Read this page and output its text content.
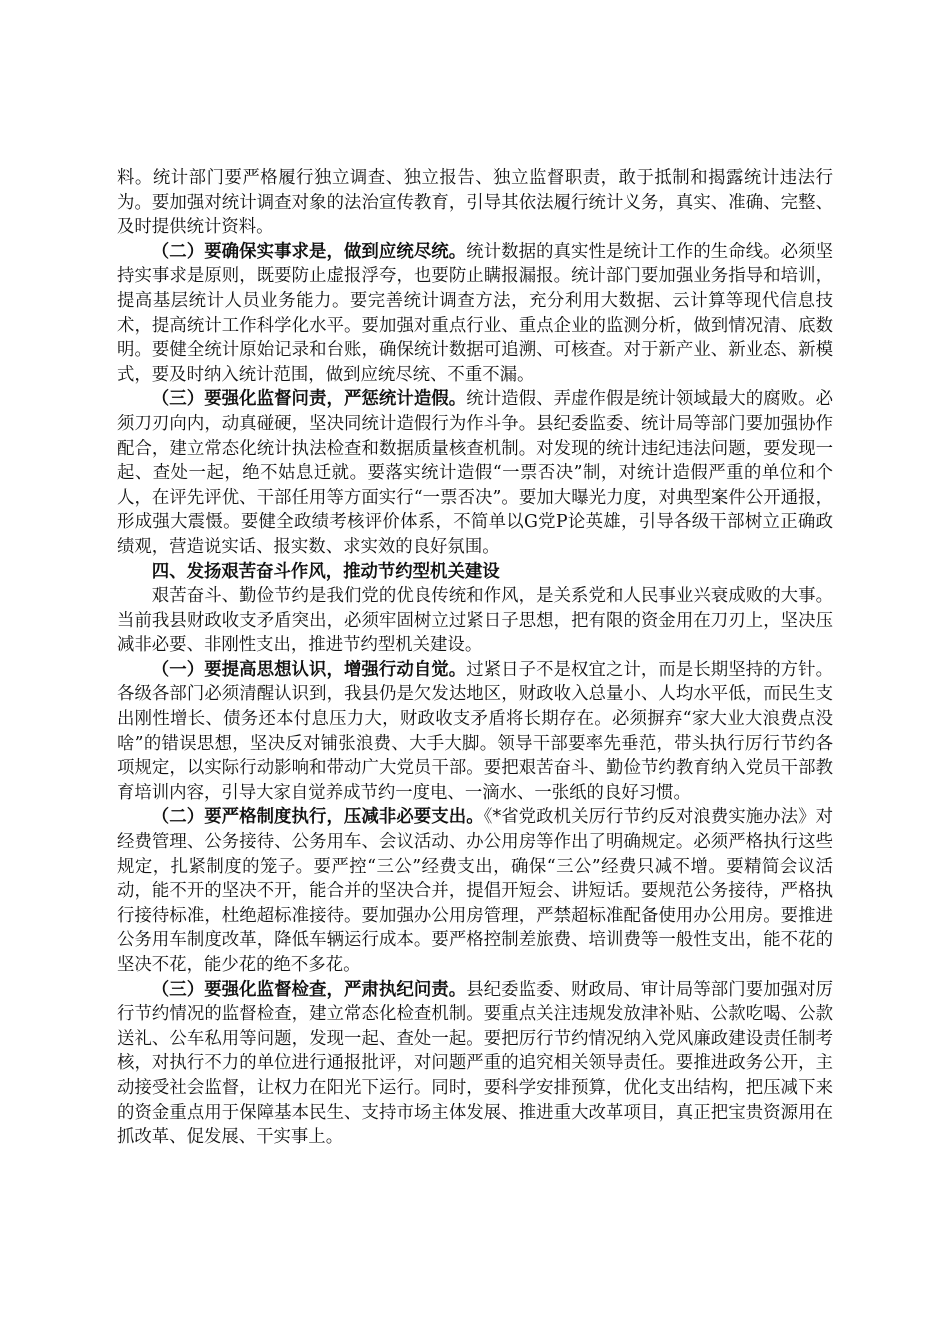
料。统计部门要严格履行独立调查、独立报告、独立监督职责，敢于抵制和揭露统计违法行为。要加强对统计调查对象的法治宣传教育，引导其依法履行统计义务，真实、准确、完整、及时提供统计资料。

（二）要确保实事求是，做到应统尽统。统计数据的真实性是统计工作的生命线。必须坚持实事求是原则，既要防止虚报浮夸，也要防止瞒报漏报。统计部门要加强业务指导和培训，提高基层统计人员业务能力。要完善统计调查方法，充分利用大数据、云计算等现代信息技术，提高统计工作科学化水平。要加强对重点行业、重点企业的监测分析，做到情况清、底数明。要健全统计原始记录和台账，确保统计数据可追溯、可核查。对于新产业、新业态、新模式，要及时纳入统计范围，做到应统尽统、不重不漏。

（三）要强化监督问责，严惩统计造假。统计造假、弄虚作假是统计领域最大的腐败。必须刀刃向内，动真碰硬，坚决同统计造假行为作斗争。县纪委监委、统计局等部门要加强协作配合，建立常态化统计执法检查和数据质量核查机制。对发现的统计违纪违法问题，要发现一起、查处一起，绝不姑息迁就。要落实统计造假“一票否决”制，对统计造假严重的单位和个人，在评先评优、干部任用等方面实行“一票否决”。要加大曝光力度，对典型案件公开通报，形成强大震慑。要健全政绩考核评价体系，不简单以G党P论英雄，引导各级干部树立正确政绩观，营造说实话、报实数、求实效的良好氛围。

四、发扬艰苦奋斗作风，推动节约型机关建设

艰苦奋斗、勤俭节约是我们党的优良传统和作风，是关系党和人民事业兴衰成败的大事。当前我县财政收支矛盾突出，必须牢固树立过紧日子思想，把有限的资金用在刀刃上，坚决压减非必要、非刚性支出，推进节约型机关建设。

（一）要提高思想认识，增强行动自觉。过紧日子不是权宜之计，而是长期坚持的方针。各级各部门必须清醒认识到，我县仍是欠发达地区，财政收入总量小、人均水平低，而民生支出刚性增长、债务还本付息压力大，财政收支矛盾将长期存在。必须摒弃“家大业大浪费点没啥”的错误思想，坚决反对铺张浪费、大手大脚。领导干部要率先垂范，带头执行厉行节约各项规定，以实际行动影响和带动广大党员干部。要把艰苦奋斗、勤俭节约教育纳入党员干部教育培训内容，引导大家自觉养成节约一度电、一滴水、一张纸的良好习惯。

（二）要严格制度执行，压减非必要支出。《*省党政机关厉行节约反对浪费实施办法》对经费管理、公务接待、公务用车、会议活动、办公用房等作出了明确规定。必须严格执行这些规定，扎紧制度的笼子。要严控“三公”经费支出，确保“三公”经费只减不增。要精简会议活动，能不开的坚决不开，能合并的坚决合并，提倡开短会、讲短话。要规范公务接待，严格执行接待标准，杜绝超标准接待。要加强办公用房管理，严禁超标准配备使用办公用房。要推进公务用车制度改革，降低车辆运行成本。要严格控制差旅费、培训费等一般性支出，能不花的坚决不花，能少花的绝不多花。

（三）要强化监督检查，严肃执纪问责。县纪委监委、财政局、审计局等部门要加强对厉行节约情况的监督检查，建立常态化检查机制。要重点关注违规发放津补贴、公款吃喝、公款送礼、公车私用等问题，发现一起、查处一起。要把厉行节约情况纳入党风廉政建设责任制考核，对执行不力的单位进行通报批评，对问题严重的追究相关领导责任。要推进政务公开，主动接受社会监督，让权力在阳光下运行。同时，要科学安排预算，优化支出结构，把压减下来的资金重点用于保障基本民生、支持市场主体发展、推进重大改革项目，真正把宝贵资源用在抓改革、促发展、干实事上。
